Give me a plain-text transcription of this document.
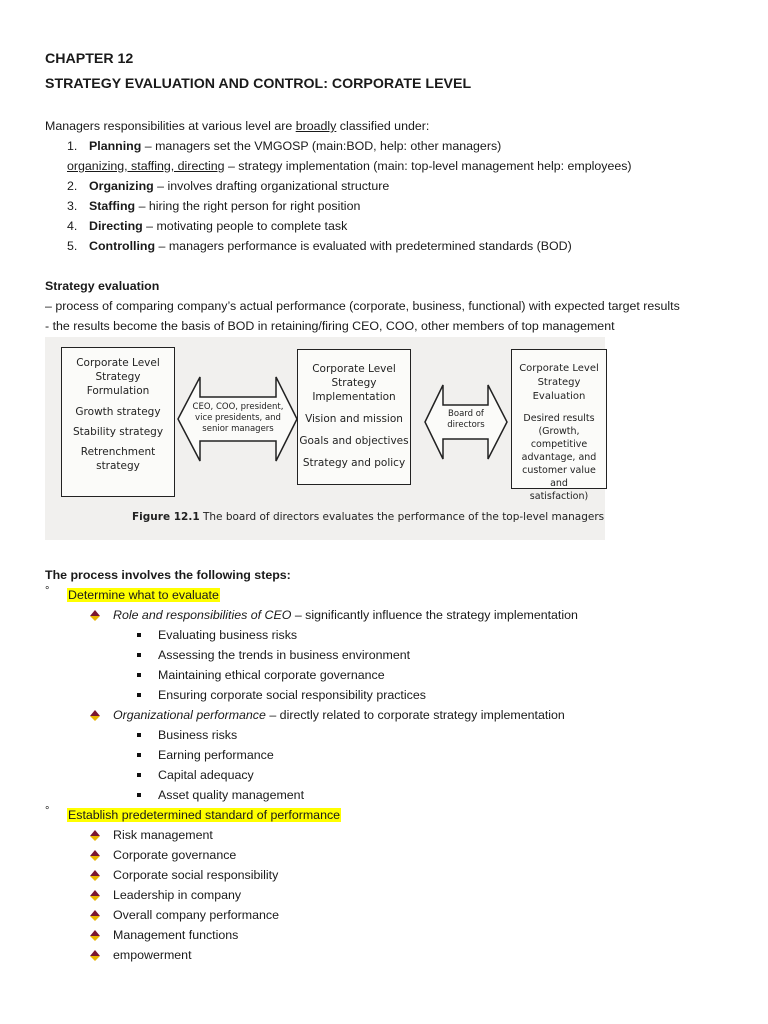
CHAPTER 12
STRATEGY EVALUATION AND CONTROL: CORPORATE LEVEL
Managers responsibilities at various level are broadly classified under:
1. Planning – managers set the VMGOSP (main:BOD, help: other managers)
organizing, staffing, directing – strategy implementation (main: top-level management help: employees)
2. Organizing – involves drafting organizational structure
3. Staffing – hiring the right person for right position
4. Directing – motivating people to complete task
5. Controlling – managers performance is evaluated with predetermined standards (BOD)
Strategy evaluation
– process of comparing company’s actual performance (corporate, business, functional) with expected target results
- the results become the basis of BOD in retaining/firing CEO, COO, other members of top management
Corporate Level
Strategy
Formulation
Growth strategy
Stability strategy
Retrenchment
strategy
CEO, COO, president,
vice presidents, and
senior managers
Corporate Level
Strategy
Implementation
Vision and mission
Goals and objectives
Strategy and policy
Board of
directors
Corporate Level
Strategy Evaluation
Desired results
(Growth, competitive
advantage, and
customer value and
satisfaction)
Figure 12.1 The board of directors evaluates the performance of the top-level managers
The process involves the following steps:
° Determine what to evaluate
Role and responsibilities of CEO – significantly influence the strategy implementation
Evaluating business risks
Assessing the trends in business environment
Maintaining ethical corporate governance
Ensuring corporate social responsibility practices
Organizational performance – directly related to corporate strategy implementation
Business risks
Earning performance
Capital adequacy
Asset quality management
° Establish predetermined standard of performance
Risk management
Corporate governance
Corporate social responsibility
Leadership in company
Overall company performance
Management functions
empowerment
